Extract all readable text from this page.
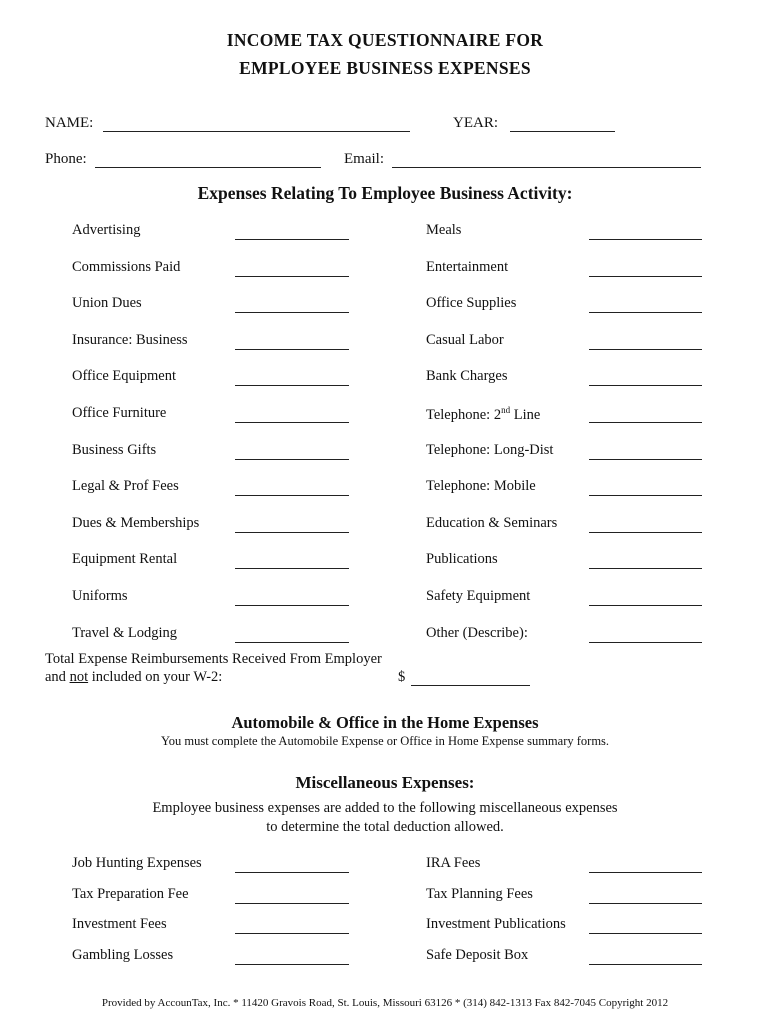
INCOME TAX QUESTIONNAIRE FOR
EMPLOYEE BUSINESS EXPENSES
NAME:	YEAR:
Phone:	Email:
Expenses Relating To Employee Business Activity:
Advertising	Meals
Commissions Paid	Entertainment
Union Dues	Office Supplies
Insurance: Business	Casual Labor
Office Equipment	Bank Charges
Office Furniture	Telephone: 2nd Line
Business Gifts	Telephone: Long-Dist
Legal & Prof Fees	Telephone: Mobile
Dues & Memberships	Education & Seminars
Equipment Rental	Publications
Uniforms	Safety Equipment
Travel & Lodging	Other (Describe):
Total Expense Reimbursements Received From Employer
and not included on your W-2:	$
Automobile & Office in the Home Expenses
You must complete the Automobile Expense or Office in Home Expense summary forms.
Miscellaneous Expenses:
Employee business expenses are added to the following miscellaneous expenses
to determine the total deduction allowed.
Job Hunting Expenses	IRA Fees
Tax Preparation Fee	Tax Planning Fees
Investment Fees	Investment Publications
Gambling Losses	Safe Deposit Box
Provided by AccounTax, Inc. * 11420 Gravois Road, St. Louis, Missouri 63126 * (314) 842-1313 Fax 842-7045 Copyright 2012
